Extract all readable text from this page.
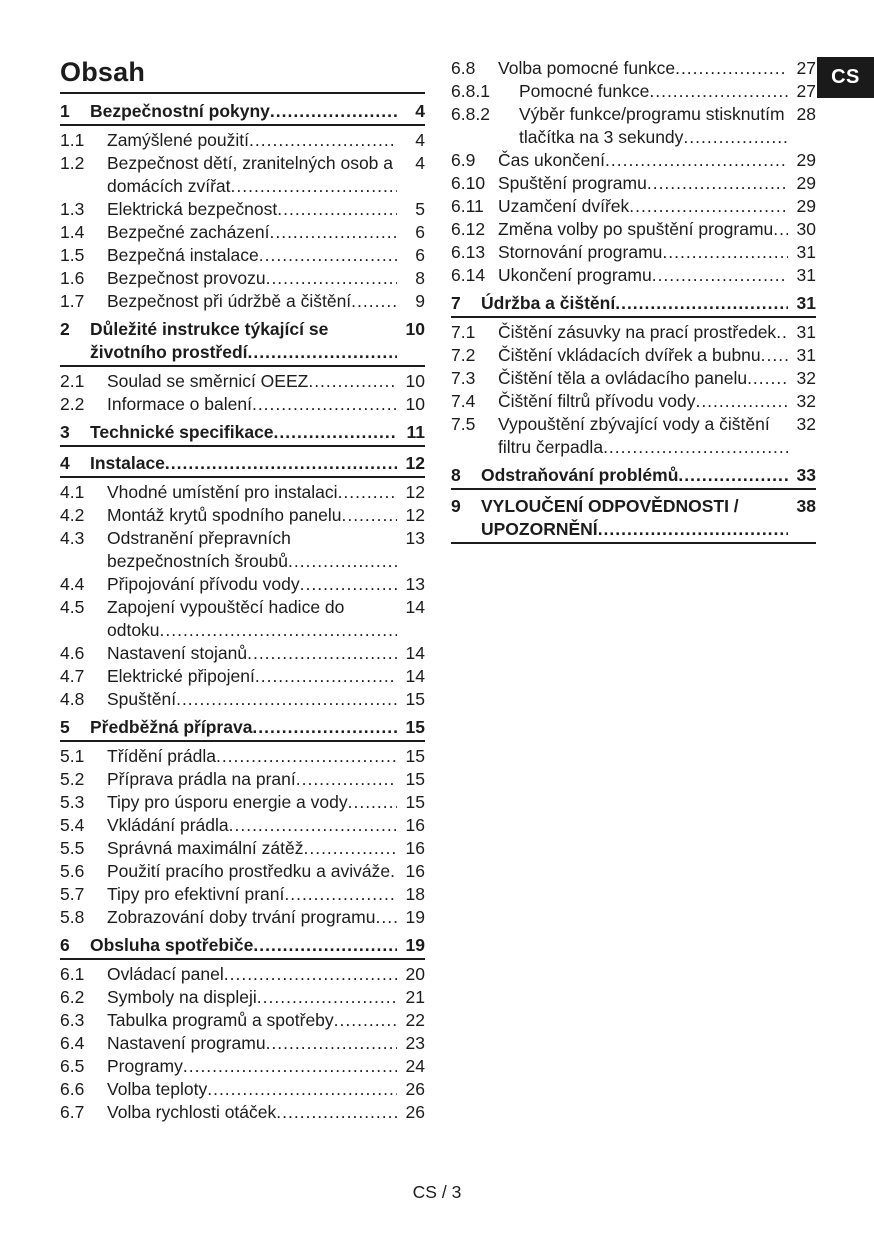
CS
Obsah
1	Bezpečnostní pokyny .....	4
1.1	Zamýšlené použití .....	4
1.2	Bezpečnost dětí, zranitelných osob a domácích zvířat .....
4
1.3	Elektrická bezpečnost .....	5
1.4	Bezpečné zacházení .....	6
1.5	Bezpečná instalace .....	6
1.6	Bezpečnost provozu .....	8
1.7	Bezpečnost při údržbě a čištění .....	9
2	Důležité instrukce týkající se životního prostředí .....
10
2.1	Soulad se směrnicí OEEZ .....	10
2.2	Informace o balení .....	10
3	Technické specifikace .....	11
4	Instalace .....	12
4.1	Vhodné umístění pro instalaci .....	12
4.2	Montáž krytů spodního panelu .....	12
4.3	Odstranění přepravních bezpečnostních šroubů .....
13
4.4	Připojování přívodu vody .....	13
4.5	Zapojení vypouštěcí hadice do odtoku .....
14
4.6	Nastavení stojanů .....	14
4.7	Elektrické připojení .....	14
4.8	Spuštění .....	15
5	Předběžná příprava .....	15
5.1	Třídění prádla .....	15
5.2	Příprava prádla na praní .....	15
5.3	Tipy pro úsporu energie a vody .....	15
5.4	Vkládání prádla .....	16
5.5	Správná maximální zátěž .....	16
5.6	Použití pracího prostředku a aviváže ..... 16
5.7	Tipy pro efektivní praní .....	18
5.8	Zobrazování doby trvání programu .....	19
6	Obsluha spotřebiče .....	19
6.1	Ovládací panel .....	20
6.2	Symboly na displeji .....	21
6.3	Tabulka programů a spotřeby .....	22
6.4	Nastavení programu .....	23
6.5	Programy .....	24
6.6	Volba teploty .....	26
6.7	Volba rychlosti otáček .....	26
6.8	Volba pomocné funkce .....	27
6.8.1	Pomocné funkce .....	27
6.8.2	Výběr funkce/programu stisknutím tlačítka na 3 sekundy .....
28
6.9	Čas ukončení .....	29
6.10 Spuštění programu .....	29
6.11 Uzamčení dvířek .....	29
6.12 Změna volby po spuštění programu .....	30
6.13 Stornování programu .....	31
6.14 Ukončení programu .....	31
7	Údržba a čištění .....	31
7.1	Čištění zásuvky na prací prostředek .....	31
7.2	Čištění vkládacích dvířek a bubnu .....	31
7.3	Čištění těla a ovládacího panelu .....	32
7.4	Čištění filtrů přívodu vody .....	32
7.5	Vypouštění zbývající vody a čištění filtru čerpadla .....
32
8	Odstraňování problémů .....	33
9	VYLOUČENÍ ODPOVĚDNOSTI / UPOZORNĚNÍ .....
38
CS / 3
